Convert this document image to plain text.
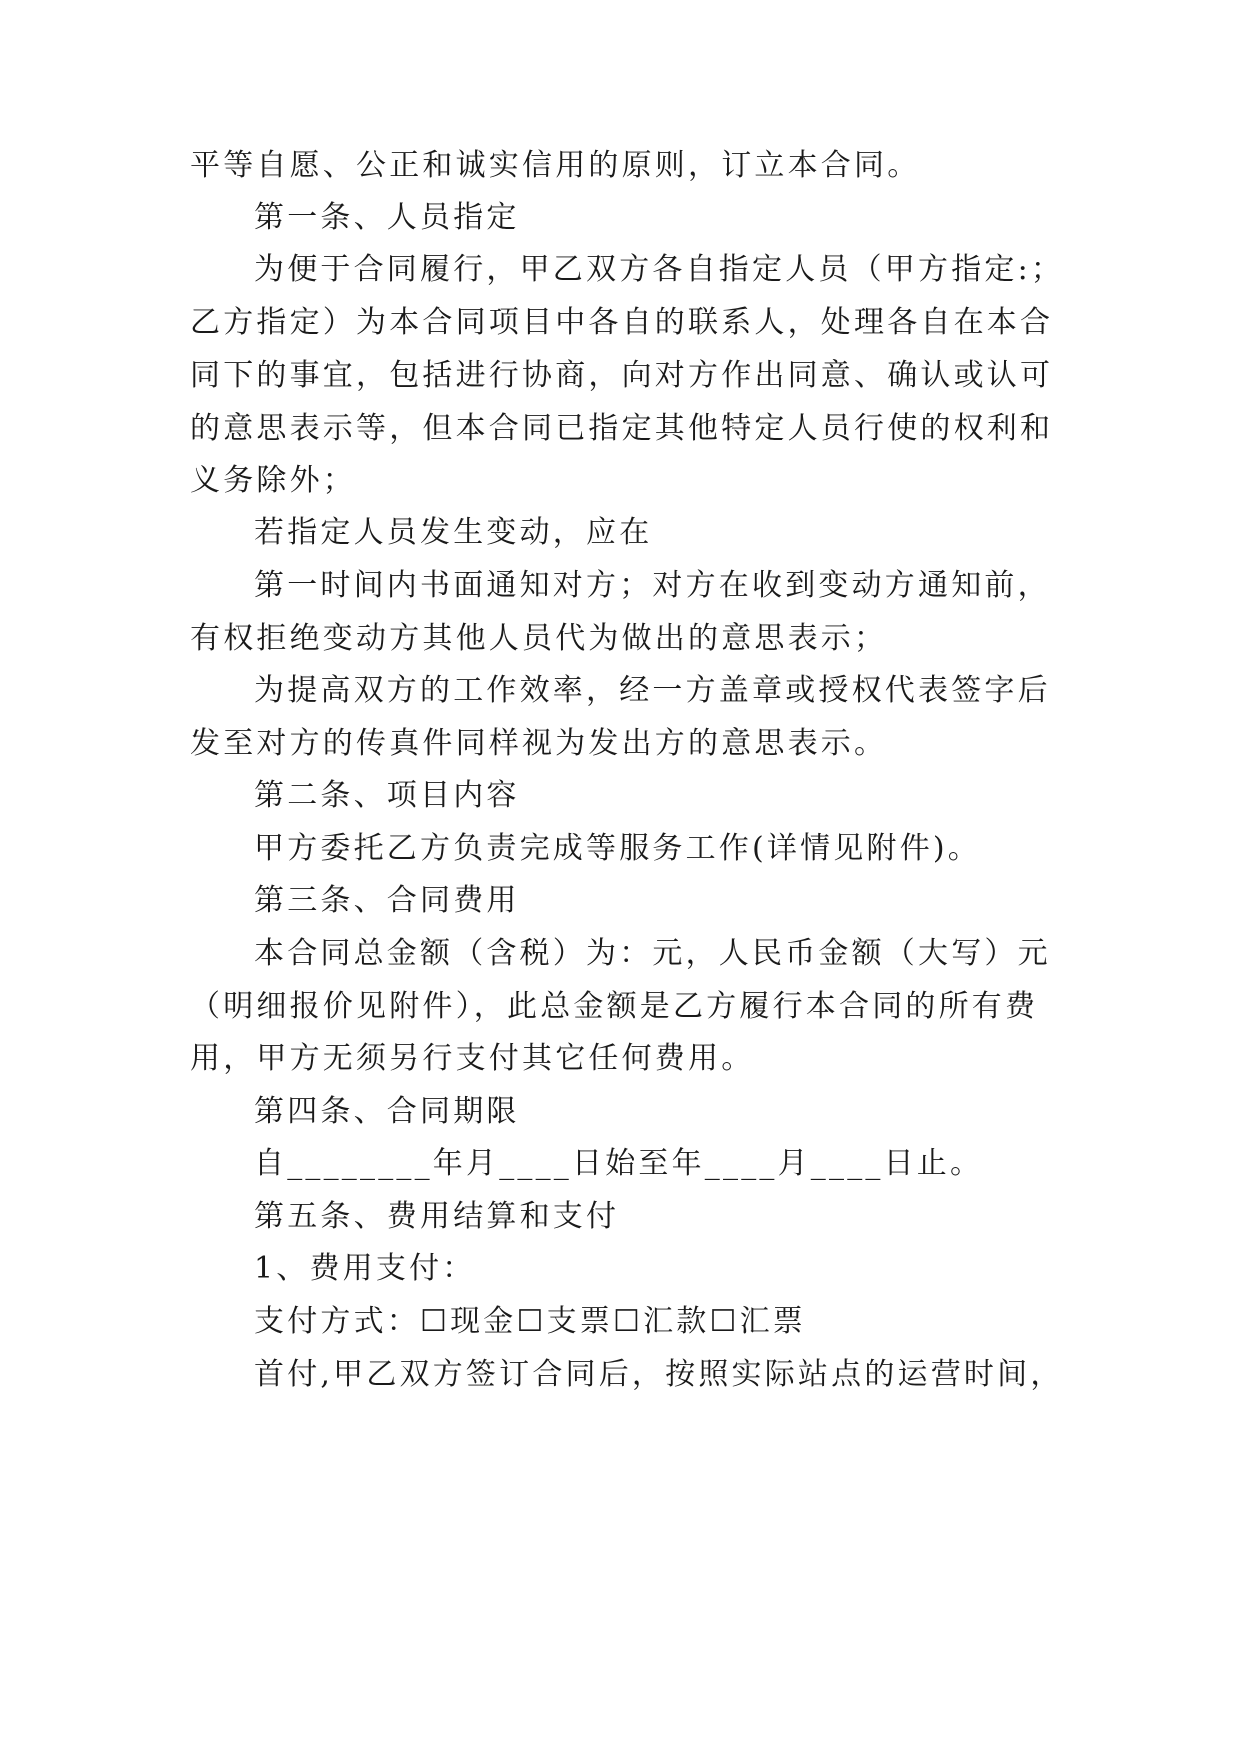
平等自愿、公正和诚实信用的原则，订立本合同。
第一条、人员指定
为便于合同履行，甲乙双方各自指定人员（甲方指定:；
乙方指定）为本合同项目中各自的联系人，处理各自在本合
同下的事宜，包括进行协商，向对方作出同意、确认或认可
的意思表示等，但本合同已指定其他特定人员行使的权利和
义务除外；
若指定人员发生变动，应在
第一时间内书面通知对方；对方在收到变动方通知前，
有权拒绝变动方其他人员代为做出的意思表示；
为提高双方的工作效率，经一方盖章或授权代表签字后
发至对方的传真件同样视为发出方的意思表示。
第二条、项目内容
甲方委托乙方负责完成等服务工作(详情见附件)。
第三条、合同费用
本合同总金额（含税）为：元，人民币金额（大写）元
（明细报价见附件），此总金额是乙方履行本合同的所有费
用，甲方无须另行支付其它任何费用。
第四条、合同期限
自________年月____日始至年____月____日止。
第五条、费用结算和支付
1、费用支付：
支付方式：☐现金☐支票☐汇款☐汇票
首付,甲乙双方签订合同后，按照实际站点的运营时间，
